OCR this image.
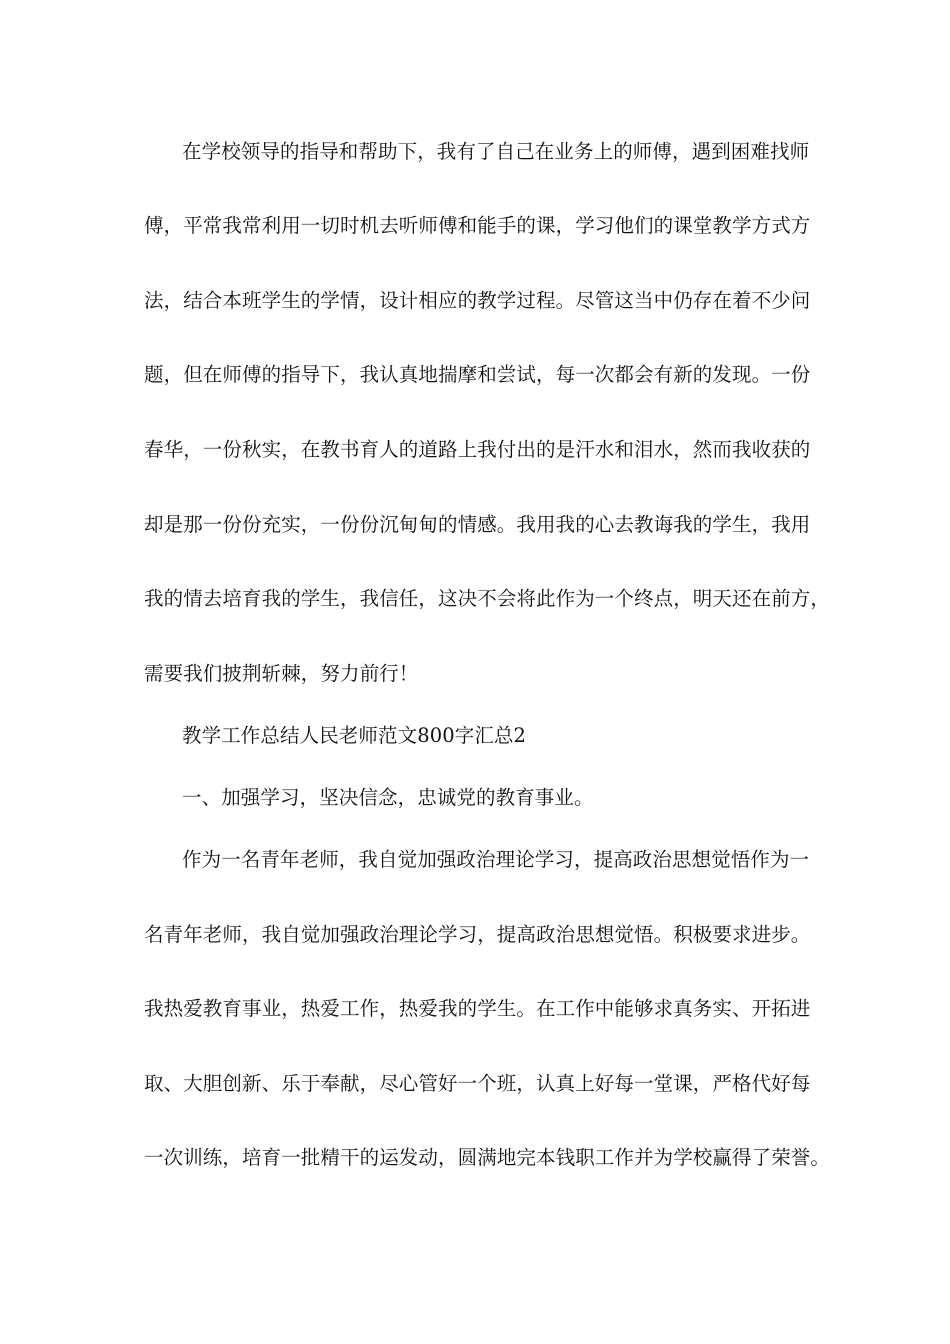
在学校领导的指导和帮助下，我有了自己在业务上的师傅，遇到困难找师
傅，平常我常利用一切时机去听师傅和能手的课，学习他们的课堂教学方式方
法，结合本班学生的学情，设计相应的教学过程。尽管这当中仍存在着不少问
题，但在师傅的指导下，我认真地揣摩和尝试，每一次都会有新的发现。一份
春华，一份秋实，在教书育人的道路上我付出的是汗水和泪水，然而我收获的
却是那一份份充实，一份份沉甸甸的情感。我用我的心去教诲我的学生，我用
我的情去培育我的学生，我信任，这决不会将此作为一个终点，明天还在前方，
需要我们披荆斩棘，努力前行！
教学工作总结人民老师范文800字汇总2
一、加强学习，坚决信念，忠诚党的教育事业。
作为一名青年老师，我自觉加强政治理论学习，提高政治思想觉悟作为一
名青年老师，我自觉加强政治理论学习，提高政治思想觉悟。积极要求进步。
我热爱教育事业，热爱工作，热爱我的学生。在工作中能够求真务实、开拓进
取、大胆创新、乐于奉献，尽心管好一个班，认真上好每一堂课，严格代好每
一次训练，培育一批精干的运发动，圆满地完本钱职工作并为学校赢得了荣誉。
